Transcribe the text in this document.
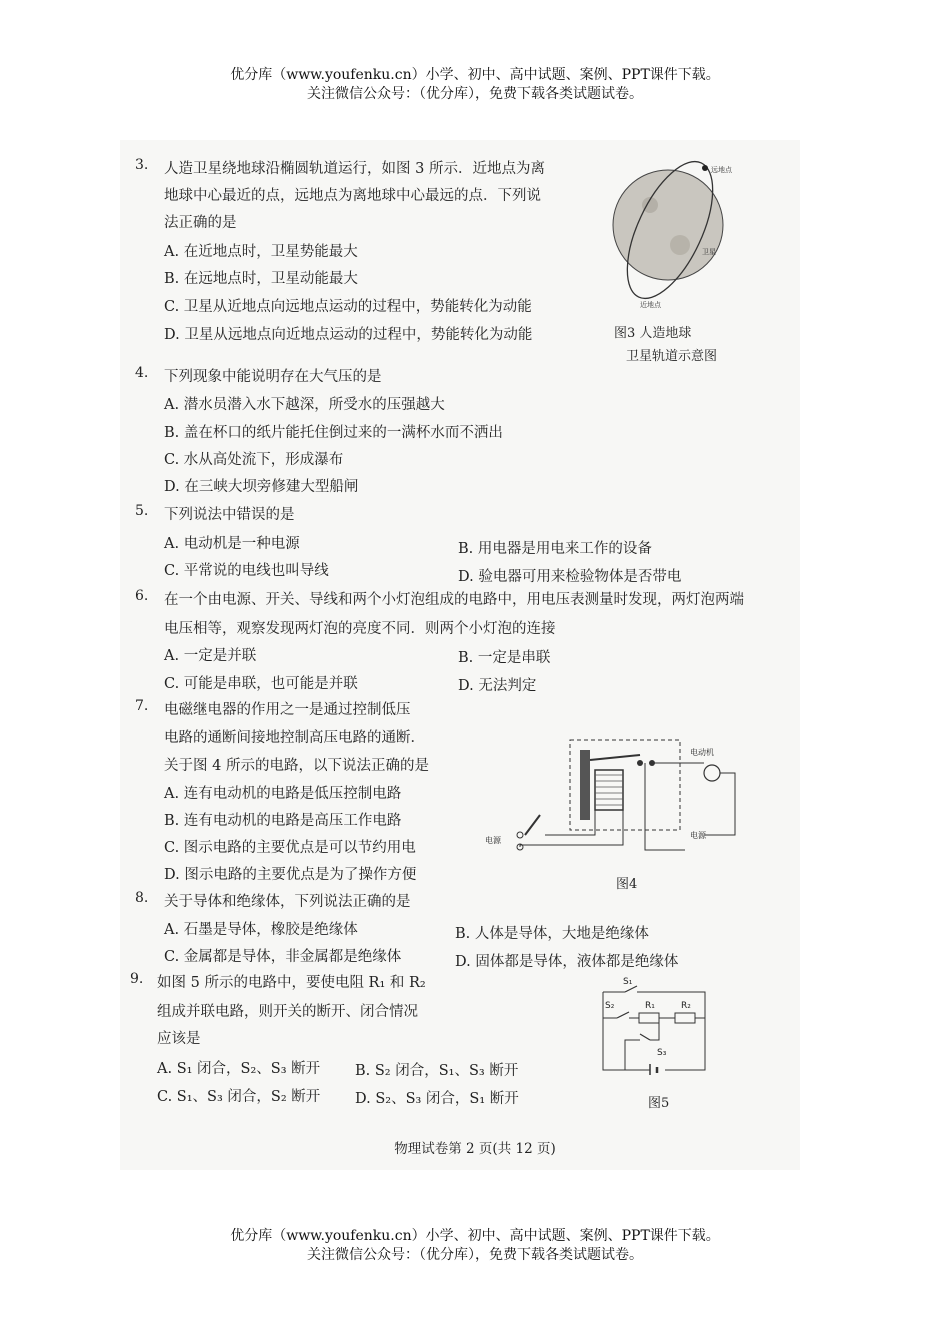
优分库（www.youfenku.cn）小学、初中、高中试题、案例、PPT课件下载。
关注微信公众号：（优分库），免费下载各类试题试卷。
3. 人造卫星绕地球沿椭圆轨道运行，如图 3 所示．近地点为离
地球中心最近的点，远地点为离地球中心最远的点．下列说
法正确的是
A. 在近地点时，卫星势能最大
B. 在远地点时，卫星动能最大
C. 卫星从近地点向远地点运动的过程中，势能转化为动能
D. 卫星从远地点向近地点运动的过程中，势能转化为动能
远地点
卫星
近地点
图3 人造地球
卫星轨道示意图
4. 下列现象中能说明存在大气压的是
A. 潜水员潜入水下越深，所受水的压强越大
B. 盖在杯口的纸片能托住倒过来的一满杯水而不洒出
C. 水从高处流下，形成瀑布
D. 在三峡大坝旁修建大型船闸
5. 下列说法中错误的是
A. 电动机是一种电源	B. 用电器是用电来工作的设备
C. 平常说的电线也叫导线	D. 验电器可用来检验物体是否带电
6. 在一个由电源、开关、导线和两个小灯泡组成的电路中，用电压表测量时发现，两灯泡两端
电压相等，观察发现两灯泡的亮度不同．则两个小灯泡的连接
A. 一定是并联	B. 一定是串联
C. 可能是串联，也可能是并联	D. 无法判定
7. 电磁继电器的作用之一是通过控制低压
电路的通断间接地控制高压电路的通断．
关于图 4 所示的电路，以下说法正确的是
A. 连有电动机的电路是低压控制电路
B. 连有电动机的电路是高压工作电路
C. 图示电路的主要优点是可以节约用电
D. 图示电路的主要优点是为了操作方便
电动机
电源
电源
图4
8. 关于导体和绝缘体，下列说法正确的是
A. 石墨是导体，橡胶是绝缘体	B. 人体是导体，大地是绝缘体
C. 金属都是导体，非金属都是绝缘体	D. 固体都是导体，液体都是绝缘体
9. 如图 5 所示的电路中，要使电阻 R₁ 和 R₂
组成并联电路，则开关的断开、闭合情况
应该是
A. S₁ 闭合，S₂、S₃ 断开 B. S₂ 闭合，S₁、S₃ 断开
C. S₁、S₃ 闭合，S₂ 断开 D. S₂、S₃ 闭合，S₁ 断开
S₁
S₂	R₁	R₂
S₃
图5
物理试卷第 2 页(共 12 页)
优分库（www.youfenku.cn）小学、初中、高中试题、案例、PPT课件下载。
关注微信公众号：（优分库），免费下载各类试题试卷。
